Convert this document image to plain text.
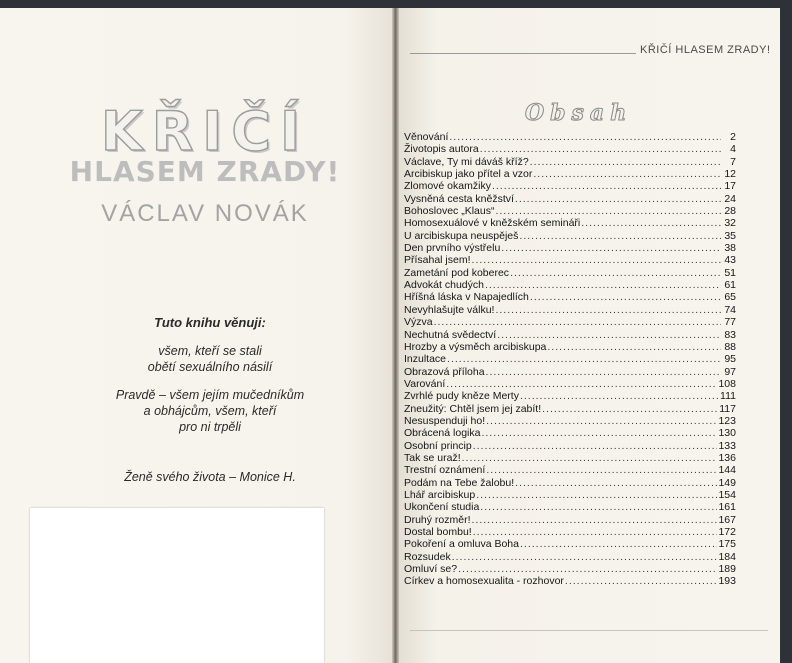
KŘIČÍ
HLASEM ZRADY!
VÁCLAV NOVÁK
Tuto knihu věnuji:

všem, kteří se stali
obětí sexuálního násilí

Pravdě – všem jejím mučedníkům
a obhájcům, všem, kteří
pro ni trpěli

Ženě svého života – Monice H.
KŘIČÍ HLASEM ZRADY!
Obsah
Věnování .....	2
Životopis autora .....	4
Václave, Ty mi dáváš kříž? .....	7
Arcibiskup jako přítel a vzor .....	12
Zlomové okamžiky .....	17
Vysněná cesta kněžství .....	24
Bohoslovec „Klaus“ .....	28
Homosexuálové v kněžském semináři .....	32
U arcibiskupa neuspěješ .....	35
Den prvního výstřelu .....	38
Přísahal jsem! .....	43
Zametání pod koberec .....	51
Advokát chudých .....	61
Hříšná láska v Napajedlích .....	65
Nevyhlašujte válku! .....	74
Výzva .....	77
Nechutná svědectví .....	83
Hrozby a výsměch arcibiskupa .....	88
Inzultace .....	95
Obrazová příloha .....	97
Varování .....	108
Zvrhlé pudy kněze Merty .....	111
Zneužitý: Chtěl jsem jej zabít! .....	117
Nesuspenduji ho! .....	123
Obrácená logika .....	130
Osobní princip .....	133
Tak se uraž! .....	136
Trestní oznámení .....	144
Podám na Tebe žalobu! .....	149
Lhář arcibiskup .....	154
Ukončení studia .....	161
Druhý rozměr! .....	167
Dostal bombu! .....	172
Pokoření a omluva Boha .....	175
Rozsudek .....	184
Omluví se? .....	189
Církev a homosexualita - rozhovor .....	193
